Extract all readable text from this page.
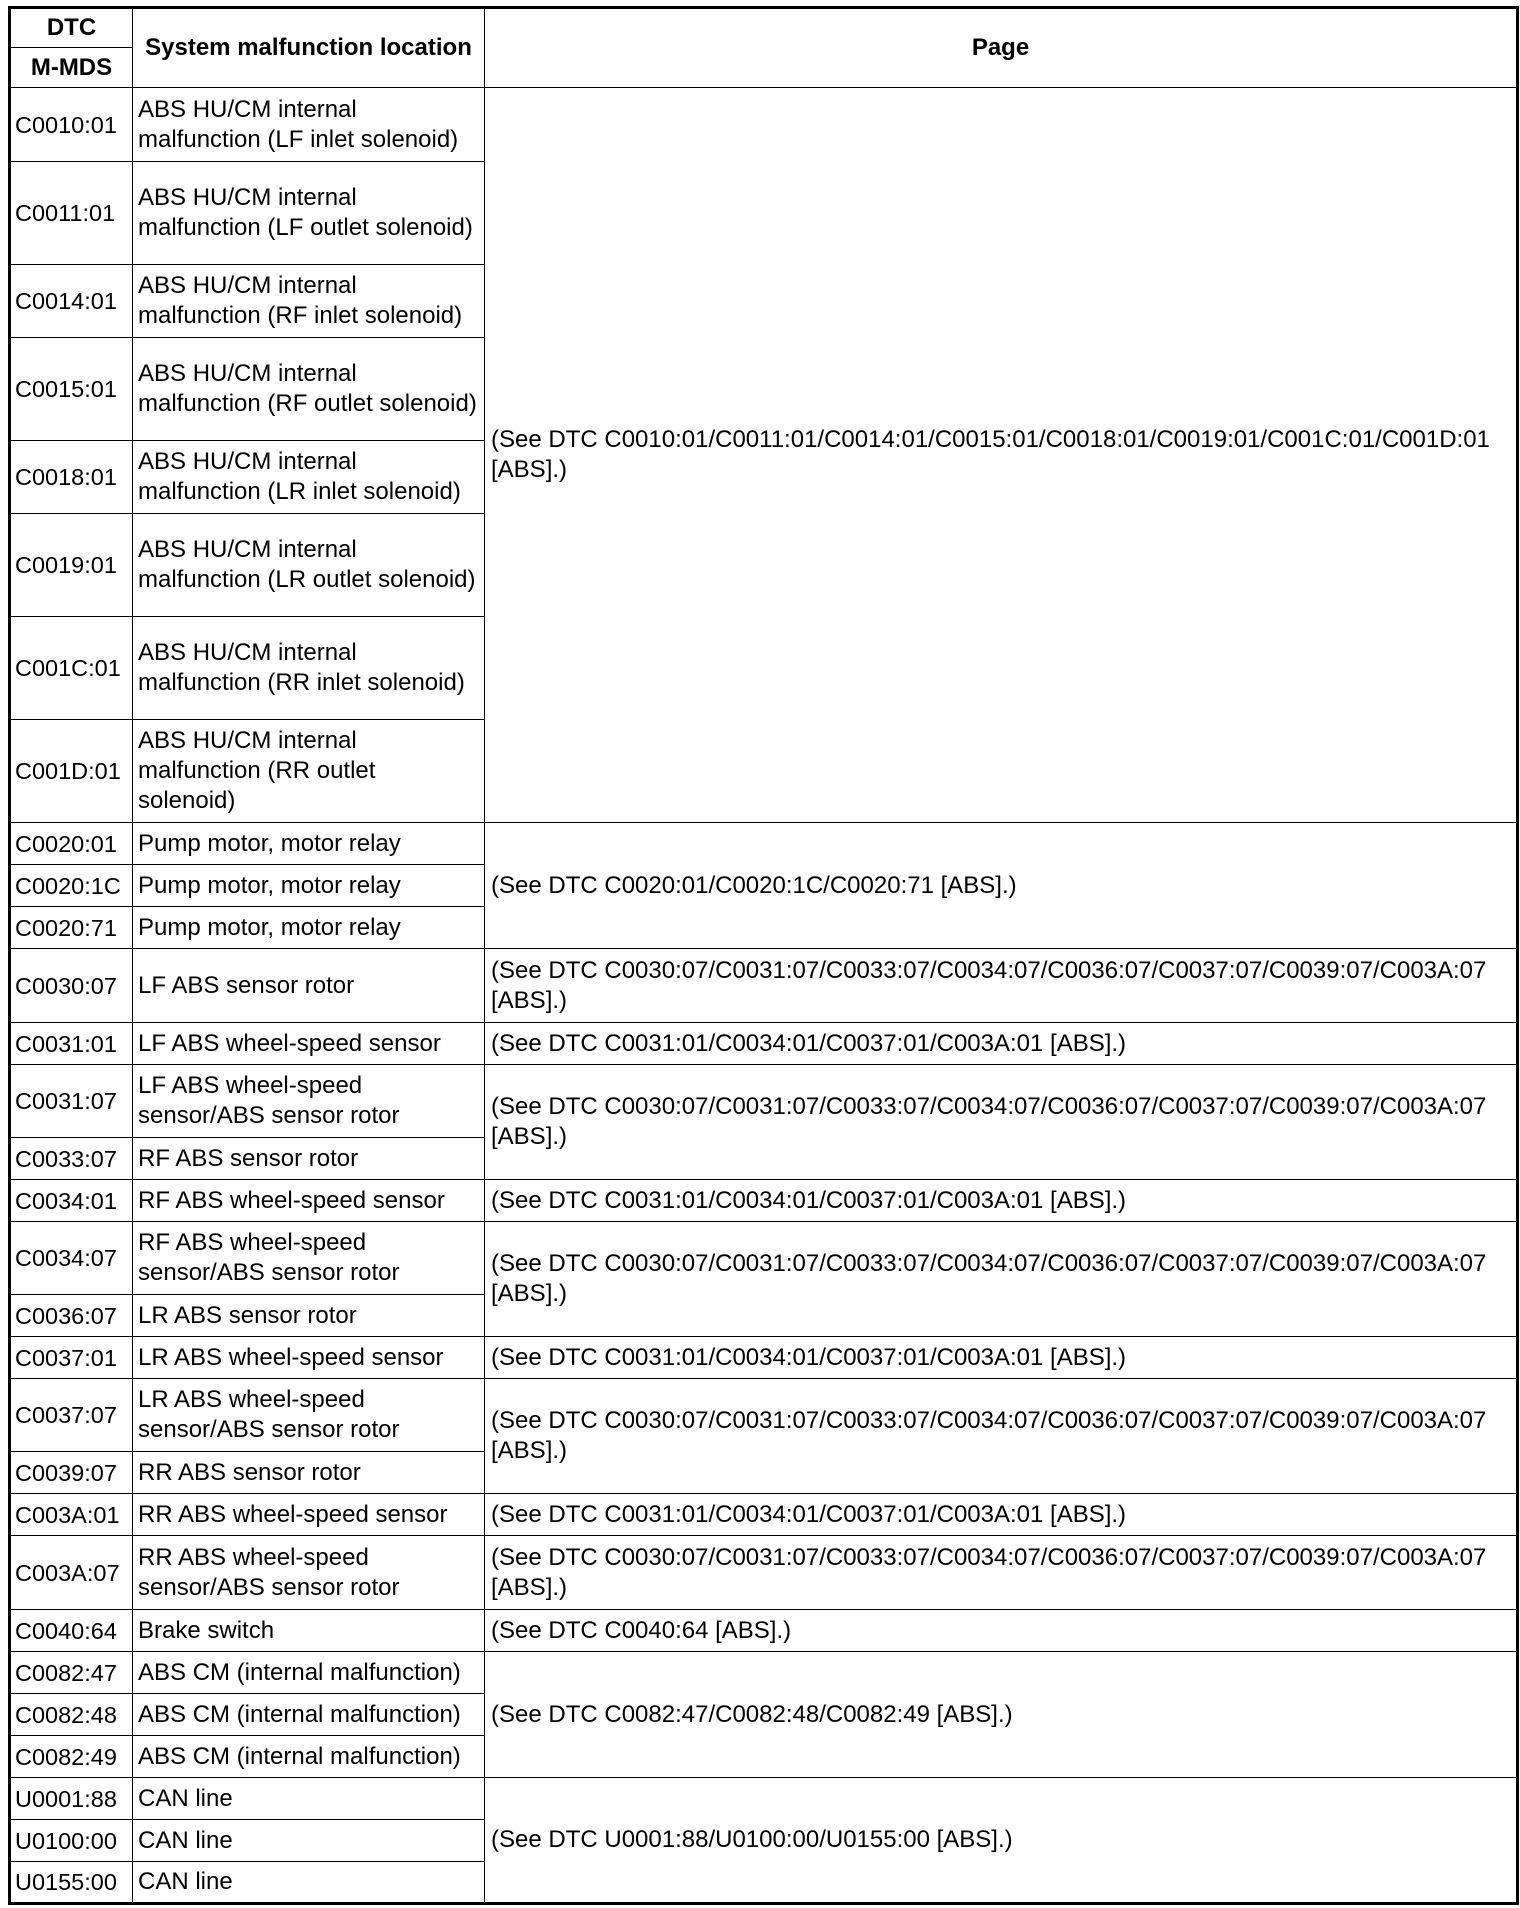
DTC	System malfunction location	Page
M-MDS		
C0010:01	ABS HU/CM internal malfunction (LF inlet solenoid)	(See DTC C0010:01/C0011:01/C0014:01/C0015:01/C0018:01/C0019:01/C001C:01/C001D:01 [ABS].)
C0011:01	ABS HU/CM internal malfunction (LF outlet solenoid)	
C0014:01	ABS HU/CM internal malfunction (RF inlet solenoid)	
C0015:01	ABS HU/CM internal malfunction (RF outlet solenoid)	
C0018:01	ABS HU/CM internal malfunction (LR inlet solenoid)	
C0019:01	ABS HU/CM internal malfunction (LR outlet solenoid)	
C001C:01	ABS HU/CM internal malfunction (RR inlet solenoid)	
C001D:01	ABS HU/CM internal malfunction (RR outlet solenoid)	
C0020:01	Pump motor, motor relay	(See DTC C0020:01/C0020:1C/C0020:71 [ABS].)
C0020:1C	Pump motor, motor relay	
C0020:71	Pump motor, motor relay	
C0030:07	LF ABS sensor rotor	(See DTC C0030:07/C0031:07/C0033:07/C0034:07/C0036:07/C0037:07/C0039:07/C003A:07 [ABS].)
C0031:01	LF ABS wheel-speed sensor	(See DTC C0031:01/C0034:01/C0037:01/C003A:01 [ABS].)
C0031:07	LF ABS wheel-speed sensor/ABS sensor rotor	(See DTC C0030:07/C0031:07/C0033:07/C0034:07/C0036:07/C0037:07/C0039:07/C003A:07 [ABS].)
C0033:07	RF ABS sensor rotor	
C0034:01	RF ABS wheel-speed sensor	(See DTC C0031:01/C0034:01/C0037:01/C003A:01 [ABS].)
C0034:07	RF ABS wheel-speed sensor/ABS sensor rotor	(See DTC C0030:07/C0031:07/C0033:07/C0034:07/C0036:07/C0037:07/C0039:07/C003A:07 [ABS].)
C0036:07	LR ABS sensor rotor	
C0037:01	LR ABS wheel-speed sensor	(See DTC C0031:01/C0034:01/C0037:01/C003A:01 [ABS].)
C0037:07	LR ABS wheel-speed sensor/ABS sensor rotor	(See DTC C0030:07/C0031:07/C0033:07/C0034:07/C0036:07/C0037:07/C0039:07/C003A:07 [ABS].)
C0039:07	RR ABS sensor rotor	
C003A:01	RR ABS wheel-speed sensor	(See DTC C0031:01/C0034:01/C0037:01/C003A:01 [ABS].)
C003A:07	RR ABS wheel-speed sensor/ABS sensor rotor	(See DTC C0030:07/C0031:07/C0033:07/C0034:07/C0036:07/C0037:07/C0039:07/C003A:07 [ABS].)
C0040:64	Brake switch	(See DTC C0040:64 [ABS].)
C0082:47	ABS CM (internal malfunction)	(See DTC C0082:47/C0082:48/C0082:49 [ABS].)
C0082:48	ABS CM (internal malfunction)	
C0082:49	ABS CM (internal malfunction)	
U0001:88	CAN line	(See DTC U0001:88/U0100:00/U0155:00 [ABS].)
U0100:00	CAN line	
U0155:00	CAN line	
